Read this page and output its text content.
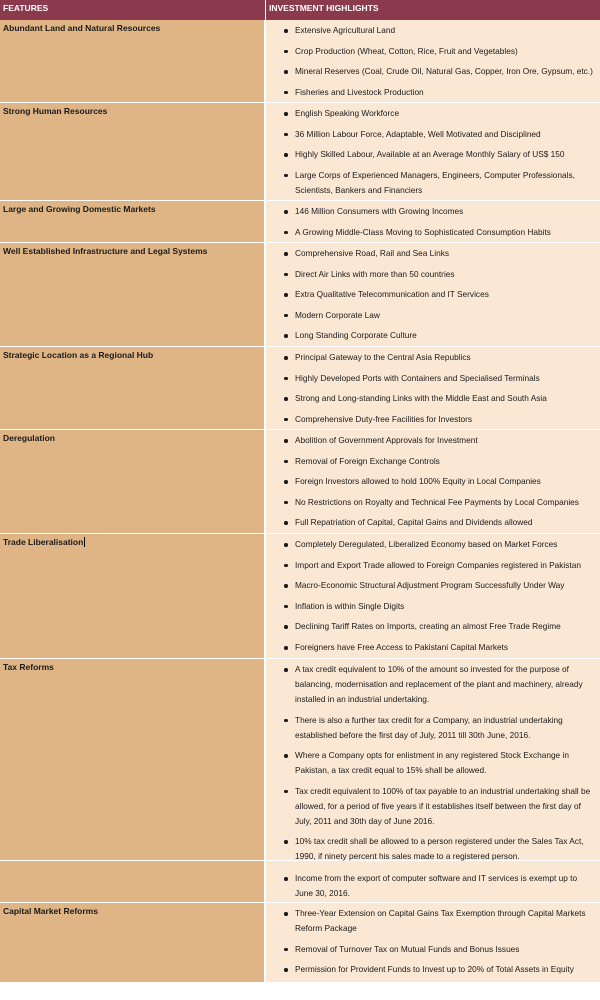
FEATURES	INVESTMENT HIGHLIGHTS
Abundant Land and Natural Resources	Extensive Agricultural Land
Crop Production (Wheat, Cotton, Rice, Fruit and Vegetables)
Mineral Reserves (Coal, Crude Oil, Natural Gas, Copper, Iron Ore, Gypsum, etc.)
Fisheries and Livestock Production
Strong Human Resources	English Speaking Workforce
36 Million Labour Force, Adaptable, Well Motivated and Disciplined
Highly Skilled Labour, Available at an Average Monthly Salary of US$ 150
Large Corps of Experienced Managers, Engineers, Computer Professionals, Scientists, Bankers and Financiers
Large and Growing Domestic Markets	146 Million Consumers with Growing Incomes
A Growing Middle-Class Moving to Sophisticated Consumption Habits
Well Established Infrastructure and Legal Systems	Comprehensive Road, Rail and Sea Links
Direct Air Links with more than 50 countries
Extra Qualitative Telecommunication and IT Services
Modern Corporate Law
Long Standing Corporate Culture
Strategic Location as a Regional Hub	Principal Gateway to the Central Asia Republics
Highly Developed Ports with Containers and Specialised Terminals
Strong and Long-standing Links with the Middle East and South Asia
Comprehensive Duty-free Facilities for Investors
Deregulation	Abolition of Government Approvals for Investment
Removal of Foreign Exchange Controls
Foreign Investors allowed to hold 100% Equity in Local Companies
No Restrictions on Royalty and Technical Fee Payments by Local Companies
Full Repatriation of Capital, Capital Gains and Dividends allowed
Trade Liberalisation	Completely Deregulated, Liberalized Economy based on Market Forces
Import and Export Trade allowed to Foreign Companies registered in Pakistan
Macro-Economic Structural Adjustment Program Successfully Under Way
Inflation is within Single Digits
Declining Tariff Rates on Imports, creating an almost Free Trade Regime
Foreigners have Free Access to Pakistani Capital Markets
Tax Reforms	A tax credit equivalent to 10% of the amount so invested for the purpose of balancing, modernisation and replacement of the plant and machinery, already installed in an industrial undertaking.
There is also a further tax credit for a Company, an industrial undertaking established before the first day of July, 2011 till 30th June, 2016.
Where a Company opts for enlistment in any registered Stock Exchange in Pakistan, a tax credit equal to 15% shall be allowed.
Tax credit equivalent to 100% of tax payable to an industrial undertaking shall be allowed, for a period of five years if it establishes itself between the first day of July, 2011 and 30th day of June 2016.
10% tax credit shall be allowed to a person registered under the Sales Tax Act, 1990, if ninety percent his sales made to a registered person.
Income from the export of computer software and IT services is exempt up to June 30, 2016.
Capital Market Reforms	Three-Year Extension on Capital Gains Tax Exemption through Capital Markets Reform Package
Removal of Turnover Tax on Mutual Funds and Bonus Issues
Permission for Provident Funds to Invest up to 20% of Total Assets in Equity
